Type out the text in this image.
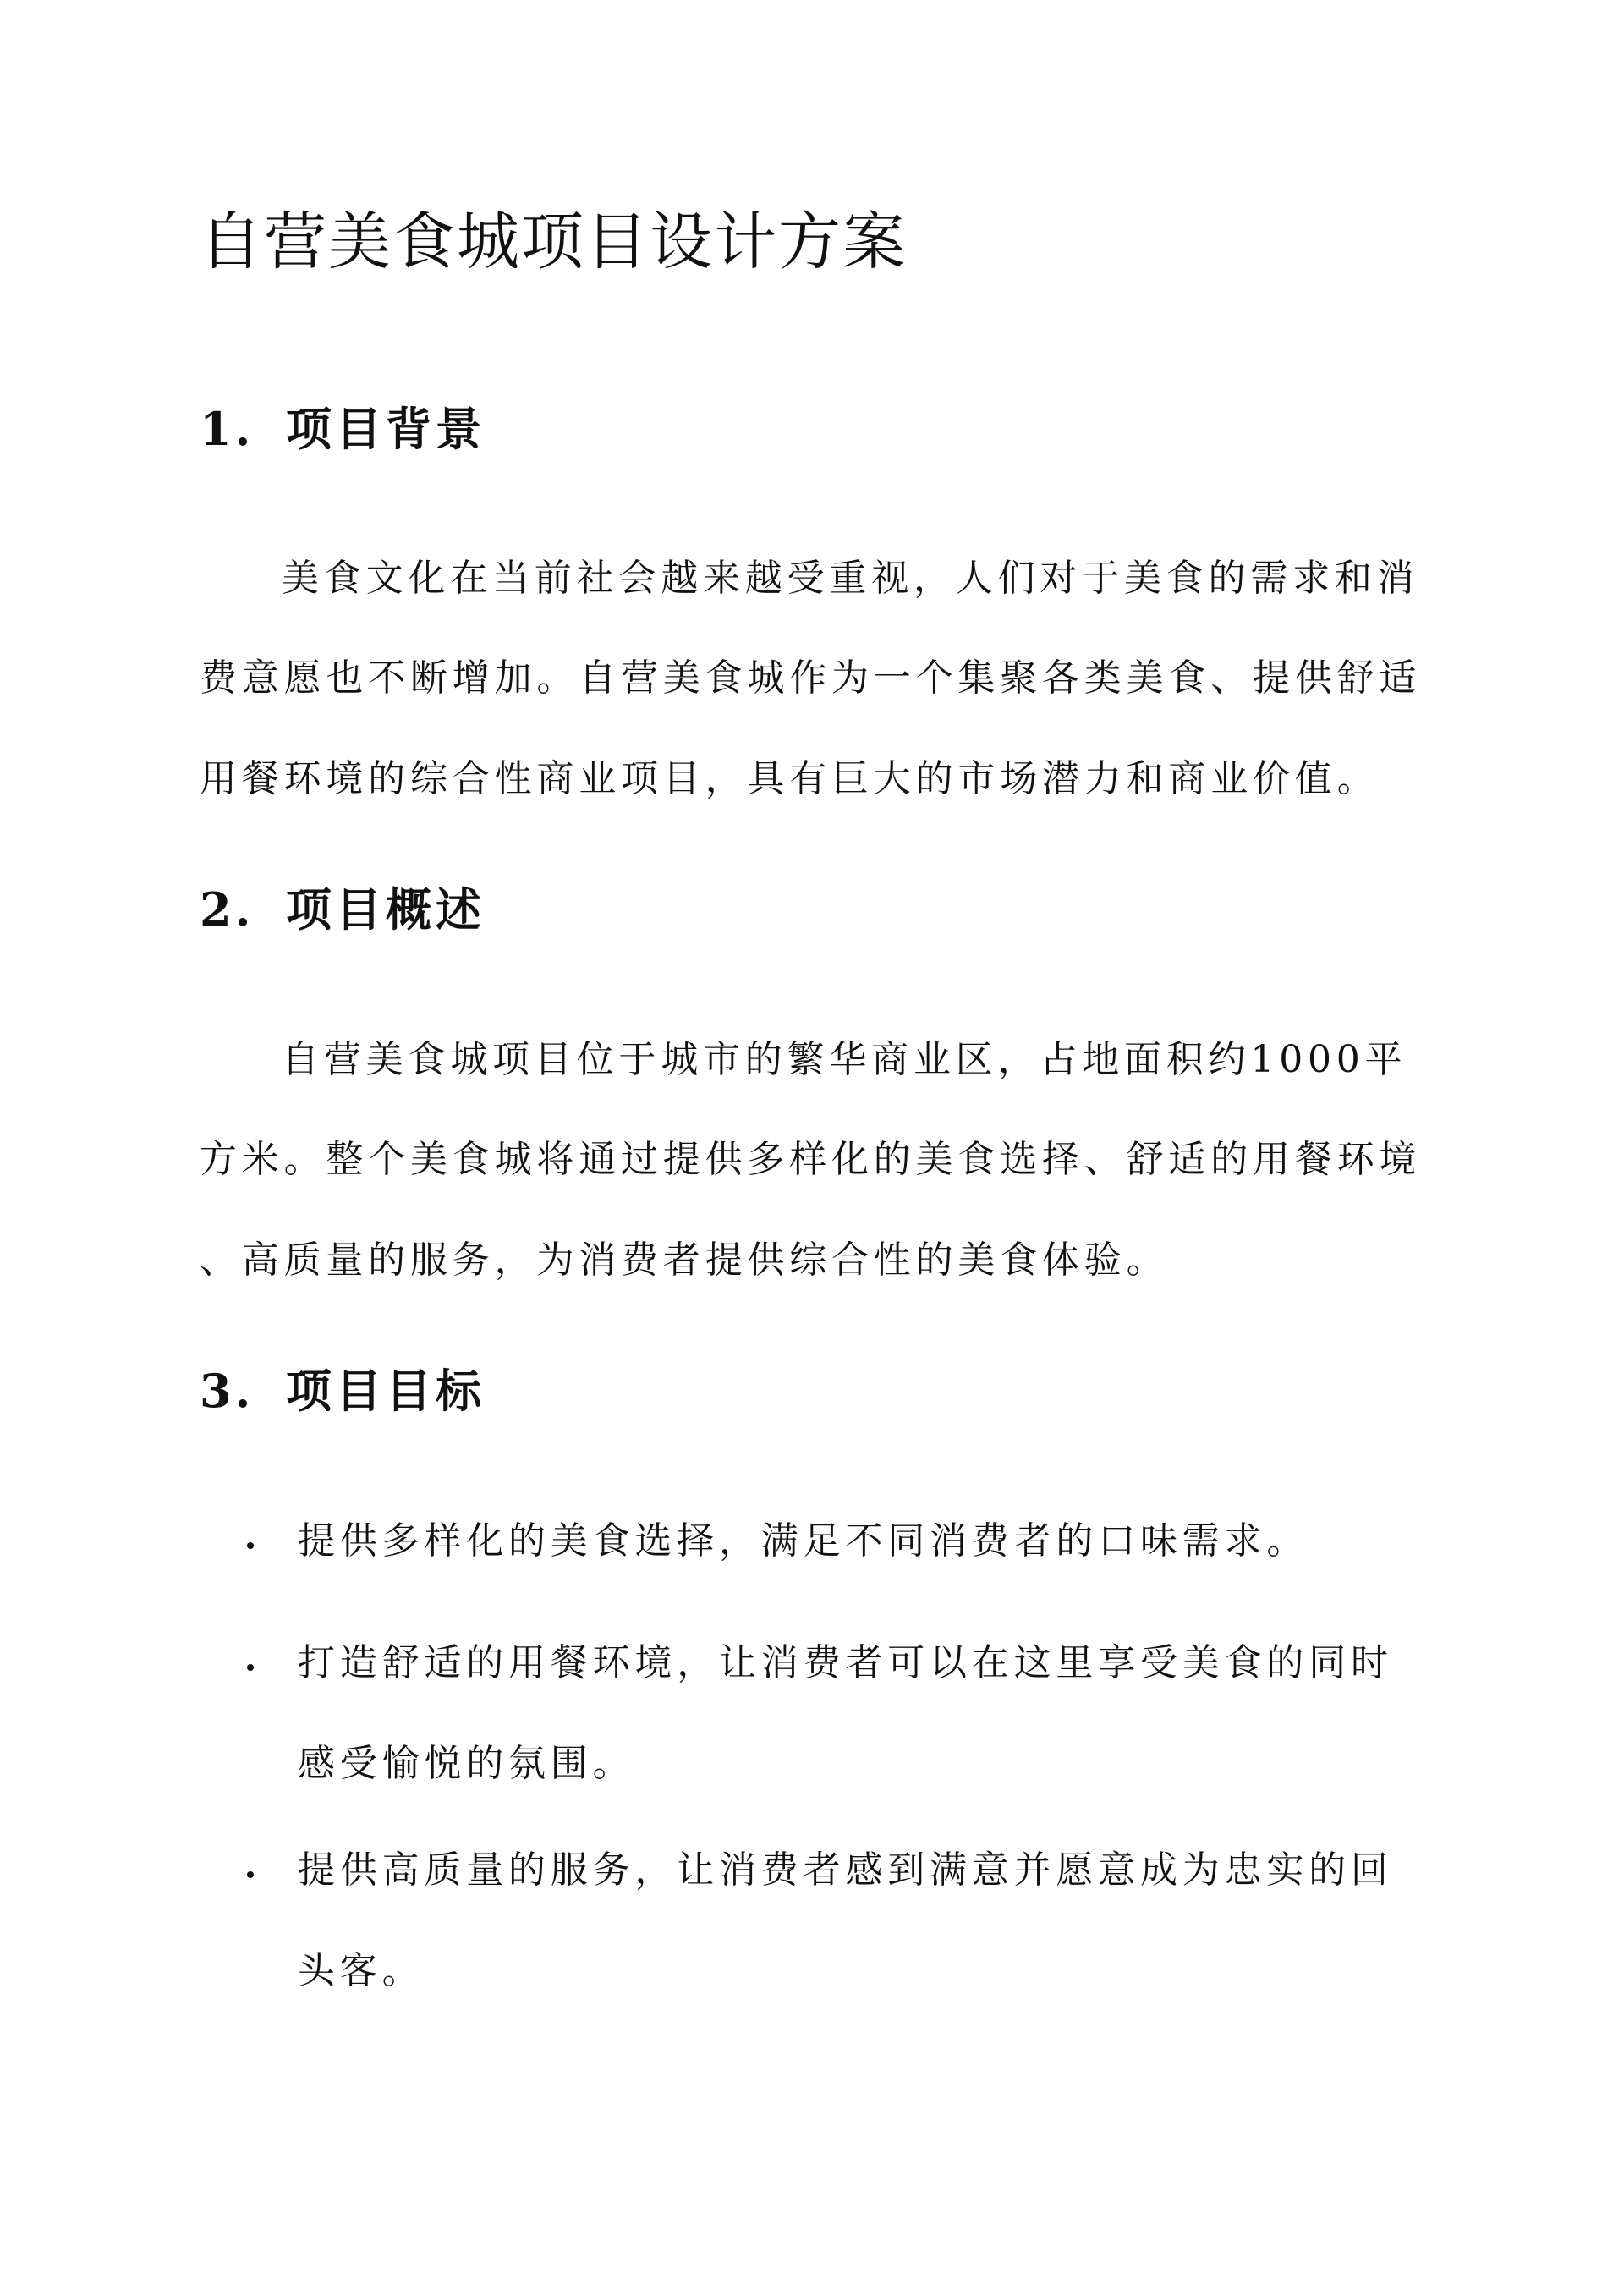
自营美食城项目设计方案
1. 项目背景
美食文化在当前社会越来越受重视，人们对于美食的需求和消
费意愿也不断增加。自营美食城作为一个集聚各类美食、提供舒适
用餐环境的综合性商业项目，具有巨大的市场潜力和商业价值。
2. 项目概述
自营美食城项目位于城市的繁华商业区，占地面积约1000平
方米。整个美食城将通过提供多样化的美食选择、舒适的用餐环境
、高质量的服务，为消费者提供综合性的美食体验。
3. 项目目标
提供多样化的美食选择，满足不同消费者的口味需求。
打造舒适的用餐环境，让消费者可以在这里享受美食的同时
感受愉悦的氛围。
提供高质量的服务，让消费者感到满意并愿意成为忠实的回
头客。
